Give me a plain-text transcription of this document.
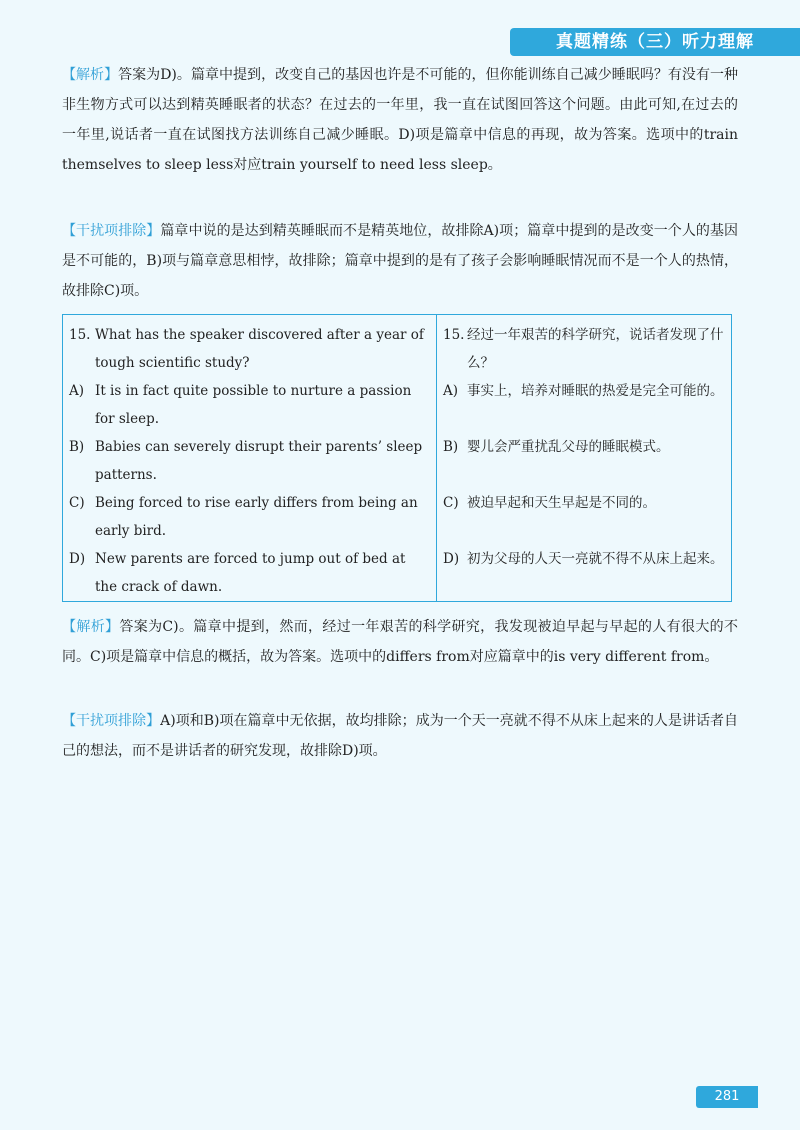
真题精练（三）听力理解
【解析】答案为D)。篇章中提到，改变自己的基因也许是不可能的，但你能训练自己减少睡眠吗？有没有一种非生物方式可以达到精英睡眠者的状态？在过去的一年里，我一直在试图回答这个问题。由此可知,在过去的一年里,说话者一直在试图找方法训练自己减少睡眠。D)项是篇章中信息的再现，故为答案。选项中的train themselves to sleep less对应train yourself to need less sleep。
【干扰项排除】篇章中说的是达到精英睡眠而不是精英地位，故排除A)项；篇章中提到的是改变一个人的基因是不可能的，B)项与篇章意思相悖，故排除；篇章中提到的是有了孩子会影响睡眠情况而不是一个人的热情，故排除C)项。
15. What has the speaker discovered after a year of tough scientific study?
A) It is in fact quite possible to nurture a passion for sleep.
B) Babies can severely disrupt their parents’ sleep patterns.
C) Being forced to rise early differs from being an early bird.
D) New parents are forced to jump out of bed at the crack of dawn.
15. 经过一年艰苦的科学研究，说话者发现了什么？
A) 事实上，培养对睡眠的热爱是完全可能的。
B) 婴儿会严重扰乱父母的睡眠模式。
C) 被迫早起和天生早起是不同的。
D) 初为父母的人天一亮就不得不从床上起来。
【解析】答案为C)。篇章中提到，然而，经过一年艰苦的科学研究，我发现被迫早起与早起的人有很大的不同。C)项是篇章中信息的概括，故为答案。选项中的differs from对应篇章中的is very different from。
【干扰项排除】A)项和B)项在篇章中无依据，故均排除；成为一个天一亮就不得不从床上起来的人是讲话者自己的想法，而不是讲话者的研究发现，故排除D)项。
281
